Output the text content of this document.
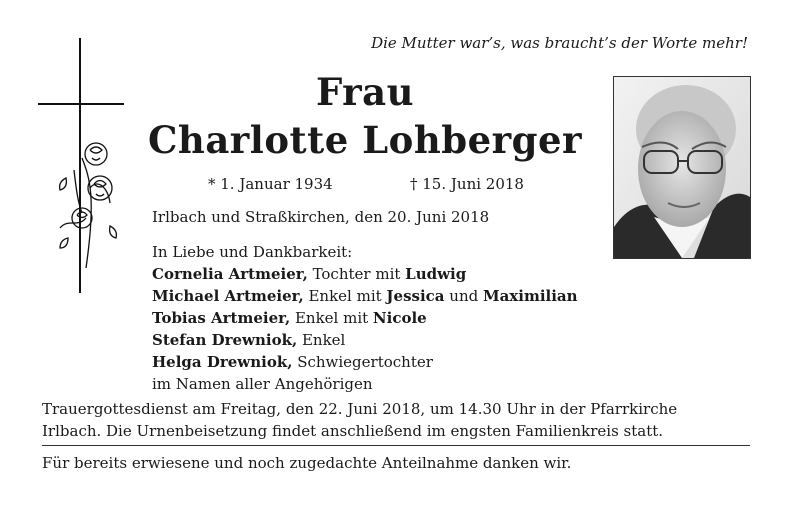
Die Mutter war’s, was braucht’s der Worte mehr!
Frau
Charlotte Lohberger
* 1. Januar 1934	† 15. Juni 2018
Irlbach und Straßkirchen, den 20. Juni 2018
In Liebe und Dankbarkeit:
Cornelia Artmeier, Tochter mit Ludwig
Michael Artmeier, Enkel mit Jessica und Maximilian
Tobias Artmeier, Enkel mit Nicole
Stefan Drewniok, Enkel
Helga Drewniok, Schwiegertochter
im Namen aller Angehörigen
Trauergottesdienst am Freitag, den 22. Juni 2018, um 14.30 Uhr in der Pfarrkirche
Irlbach. Die Urnenbeisetzung findet anschließend im engsten Familienkreis statt.
Für bereits erwiesene und noch zugedachte Anteilnahme danken wir.
